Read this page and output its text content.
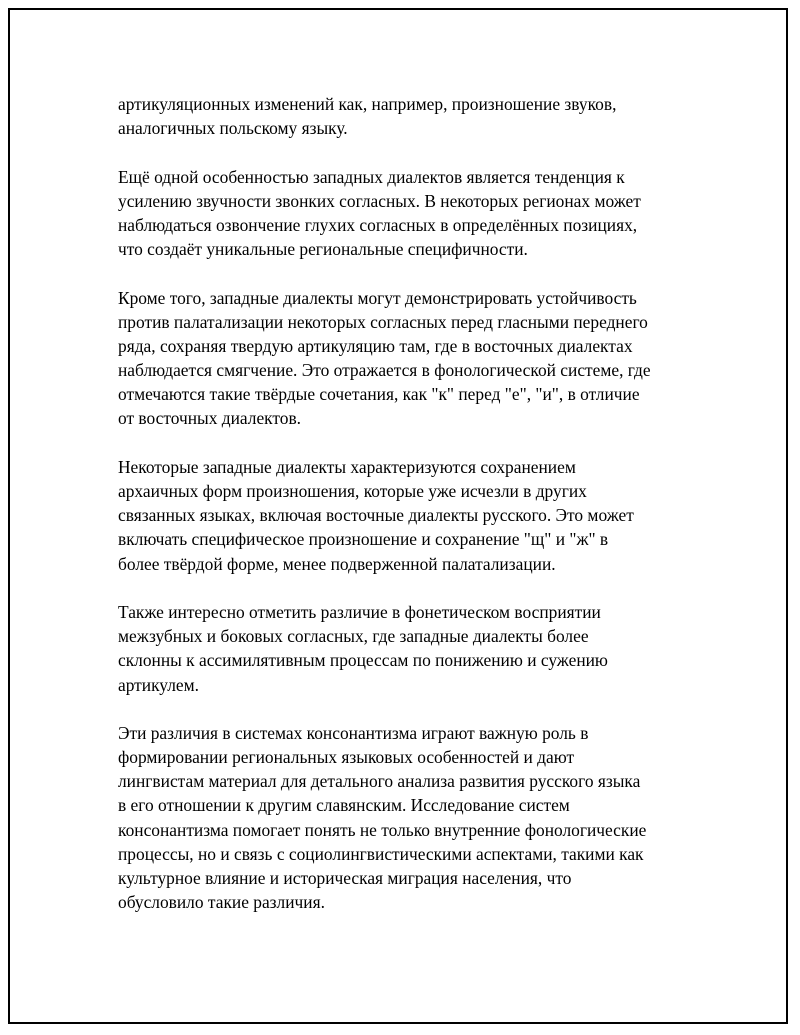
артикуляционных изменений как, например, произношение звуков,
аналогичных польскому языку.

Ещё одной особенностью западных диалектов является тенденция к
усилению звучности звонких согласных. В некоторых регионах может
наблюдаться озвончение глухих согласных в определённых позициях,
что создаёт уникальные региональные специфичности.

Кроме того, западные диалекты могут демонстрировать устойчивость
против палатализации некоторых согласных перед гласными переднего
ряда, сохраняя твердую артикуляцию там, где в восточных диалектах
наблюдается смягчение. Это отражается в фонологической системе, где
отмечаются такие твёрдые сочетания, как "к" перед "е", "и", в отличие
от восточных диалектов.

Некоторые западные диалекты характеризуются сохранением
архаичных форм произношения, которые уже исчезли в других
связанных языках, включая восточные диалекты русского. Это может
включать специфическое произношение и сохранение "щ" и "ж" в
более твёрдой форме, менее подверженной палатализации.

Также интересно отметить различие в фонетическом восприятии
межзубных и боковых согласных, где западные диалекты более
склонны к ассимилятивным процессам по понижению и сужению
артикулем.

Эти различия в системах консонантизма играют важную роль в
формировании региональных языковых особенностей и дают
лингвистам материал для детального анализа развития русского языка
в его отношении к другим славянским. Исследование систем
консонантизма помогает понять не только внутренние фонологические
процессы, но и связь с социолингвистическими аспектами, такими как
культурное влияние и историческая миграция населения, что
обусловило такие различия.
